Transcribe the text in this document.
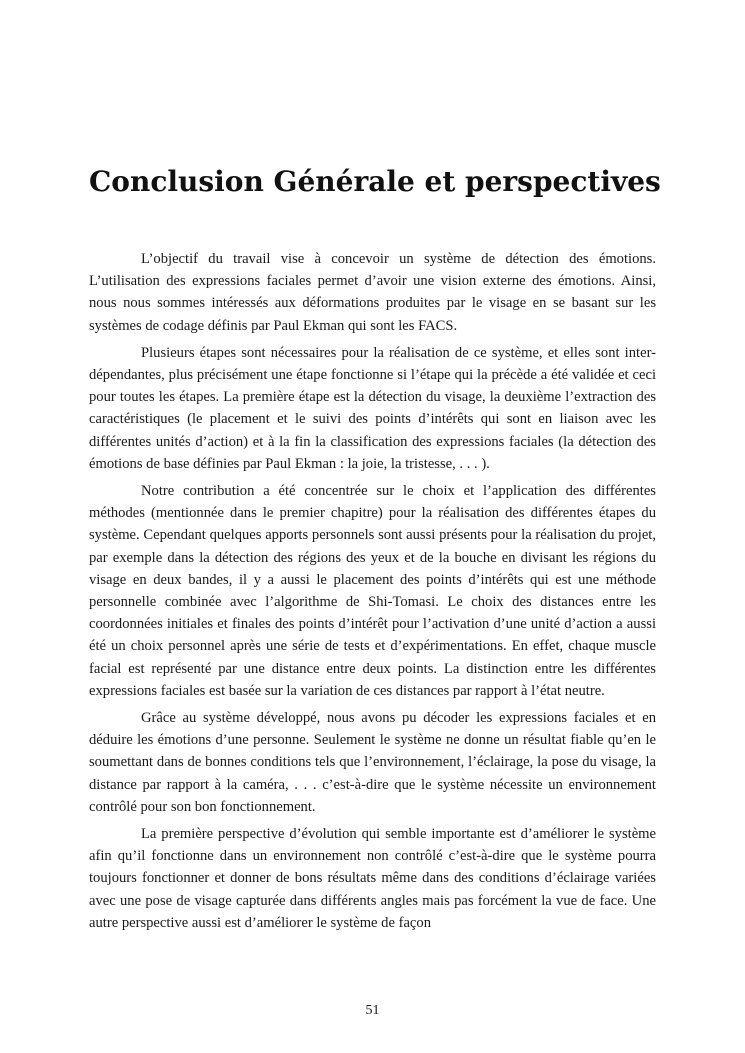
Conclusion Générale et perspectives

L’objectif du travail vise à concevoir un système de détection des émotions. L’utilisation des expressions faciales permet d’avoir une vision externe des émotions. Ainsi, nous nous sommes intéressés aux déformations produites par le visage en se basant sur les systèmes de codage définis par Paul Ekman qui sont les FACS.

Plusieurs étapes sont nécessaires pour la réalisation de ce système, et elles sont inter-dépendantes, plus précisément une étape fonctionne si l’étape qui la précède a été validée et ceci pour toutes les étapes. La première étape est la détection du visage, la deuxième l’extraction des caractéristiques (le placement et le suivi des points d’intérêts qui sont en liaison avec les différentes unités d’action) et à la fin la classification des expressions faciales (la détection des émotions de base définies par Paul Ekman : la joie, la tristesse, . . . ).

Notre contribution a été concentrée sur le choix et l’application des différentes méthodes (mentionnée dans le premier chapitre) pour la réalisation des différentes étapes du système. Cependant quelques apports personnels sont aussi présents pour la réalisation du projet, par exemple dans la détection des régions des yeux et de la bouche en divisant les régions du visage en deux bandes, il y a aussi le placement des points d’intérêts qui est une méthode personnelle combinée avec l’algorithme de Shi-Tomasi. Le choix des distances entre les coordonnées initiales et finales des points d’intérêt pour l’activation d’une unité d’action a aussi été un choix personnel après une série de tests et d’expérimentations. En effet, chaque muscle facial est représenté par une distance entre deux points. La distinction entre les différentes expressions faciales est basée sur la variation de ces distances par rapport à l’état neutre.

Grâce au système développé, nous avons pu décoder les expressions faciales et en déduire les émotions d’une personne. Seulement le système ne donne un résultat fiable qu’en le soumettant dans de bonnes conditions tels que l’environnement, l’éclairage, la pose du visage, la distance par rapport à la caméra, . . . c’est-à-dire que le système nécessite un environnement contrôlé pour son bon fonctionnement.

La première perspective d’évolution qui semble importante est d’améliorer le système afin qu’il fonctionne dans un environnement non contrôlé c’est-à-dire que le système pourra toujours fonctionner et donner de bons résultats même dans des conditions d’éclairage variées avec une pose de visage capturée dans différents angles mais pas forcément la vue de face. Une autre perspective aussi est d’améliorer le système de façon

51
